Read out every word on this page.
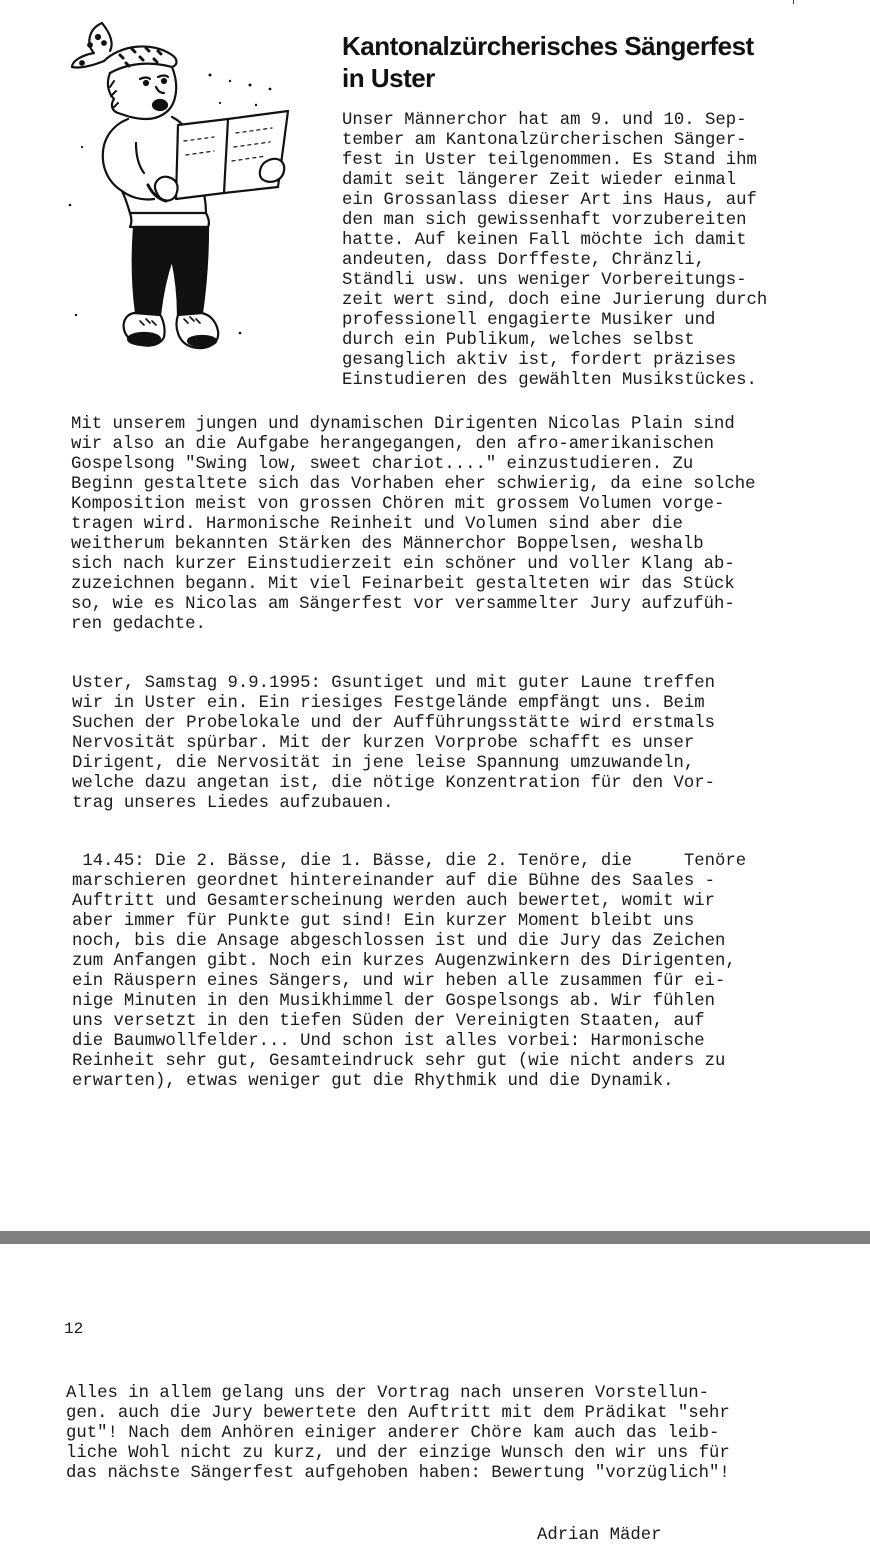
Kantonalzürcherisches Sängerfest
in Uster
Unser Männerchor hat am 9. und 10. Sep-
tember am Kantonalzürcherischen Sänger-
fest in Uster teilgenommen. Es Stand ihm
damit seit längerer Zeit wieder einmal
ein Grossanlass dieser Art ins Haus, auf
den man sich gewissenhaft vorzubereiten
hatte. Auf keinen Fall möchte ich damit
andeuten, dass Dorffeste, Chränzli,
Ständli usw. uns weniger Vorbereitungs-
zeit wert sind, doch eine Jurierung durch
professionell engagierte Musiker und
durch ein Publikum, welches selbst
gesanglich aktiv ist, fordert präzises
Einstudieren des gewählten Musikstückes.
Mit unserem jungen und dynamischen Dirigenten Nicolas Plain sind
wir also an die Aufgabe herangegangen, den afro-amerikanischen
Gospelsong "Swing low, sweet chariot...." einzustudieren. Zu
Beginn gestaltete sich das Vorhaben eher schwierig, da eine solche
Komposition meist von grossen Chören mit grossem Volumen vorge-
tragen wird. Harmonische Reinheit und Volumen sind aber die
weitherum bekannten Stärken des Männerchor Boppelsen, weshalb
sich nach kurzer Einstudierzeit ein schöner und voller Klang ab-
zuzeichnen begann. Mit viel Feinarbeit gestalteten wir das Stück
so, wie es Nicolas am Sängerfest vor versammelter Jury aufzufüh-
ren gedachte.
Uster, Samstag 9.9.1995: Gsuntiget und mit guter Laune treffen
wir in Uster ein. Ein riesiges Festgelände empfängt uns. Beim
Suchen der Probelokale und der Aufführungsstätte wird erstmals
Nervosität spürbar. Mit der kurzen Vorprobe schafft es unser
Dirigent, die Nervosität in jene leise Spannung umzuwandeln,
welche dazu angetan ist, die nötige Konzentration für den Vor-
trag unseres Liedes aufzubauen.
14.45: Die 2. Bässe, die 1. Bässe, die 2. Tenöre, die     Tenöre
marschieren geordnet hintereinander auf die Bühne des Saales -
Auftritt und Gesamterscheinung werden auch bewertet, womit wir
aber immer für Punkte gut sind! Ein kurzer Moment bleibt uns
noch, bis die Ansage abgeschlossen ist und die Jury das Zeichen
zum Anfangen gibt. Noch ein kurzes Augenzwinkern des Dirigenten,
ein Räuspern eines Sängers, und wir heben alle zusammen für ei-
nige Minuten in den Musikhimmel der Gospelsongs ab. Wir fühlen
uns versetzt in den tiefen Süden der Vereinigten Staaten, auf
die Baumwollfelder... Und schon ist alles vorbei: Harmonische
Reinheit sehr gut, Gesamteindruck sehr gut (wie nicht anders zu
erwarten), etwas weniger gut die Rhythmik und die Dynamik.
12
Alles in allem gelang uns der Vortrag nach unseren Vorstellun-
gen. auch die Jury bewertete den Auftritt mit dem Prädikat "sehr
gut"! Nach dem Anhören einiger anderer Chöre kam auch das leib-
liche Wohl nicht zu kurz, und der einzige Wunsch den wir uns für
das nächste Sängerfest aufgehoben haben: Bewertung "vorzüglich"!
Adrian Mäder
